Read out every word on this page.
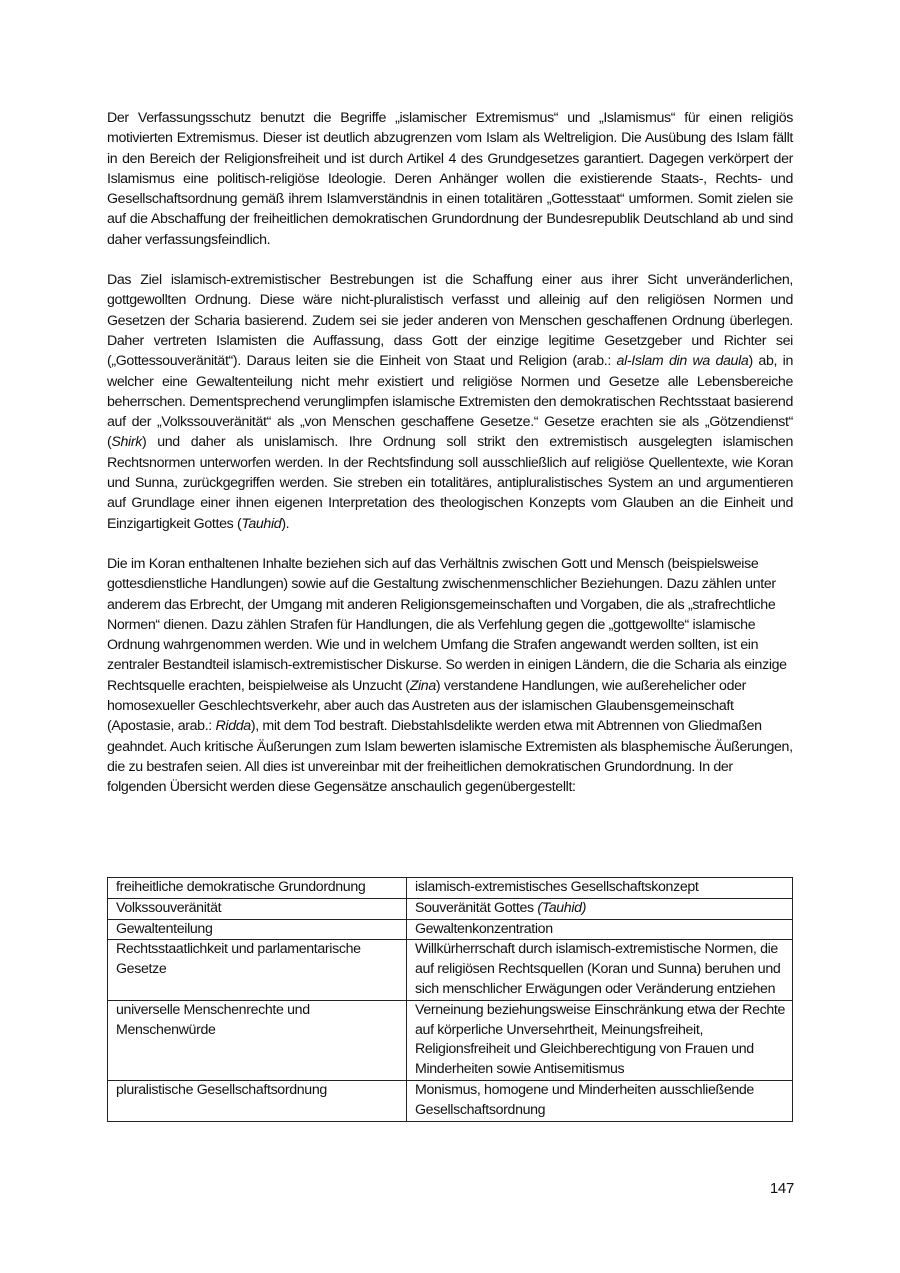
Der Verfassungsschutz benutzt die Begriffe „islamischer Extremismus“ und „Islamismus“ für einen religiös motivierten Extremismus. Dieser ist deutlich abzugrenzen vom Islam als Weltreligion. Die Ausübung des Islam fällt in den Bereich der Religionsfreiheit und ist durch Artikel 4 des Grundgesetzes garantiert. Dagegen verkörpert der Islamismus eine politisch-religiöse Ideologie. Deren Anhänger wollen die existierende Staats-, Rechts- und Gesellschaftsordnung gemäß ihrem Islamverständnis in einen totalitären „Gottesstaat“ umformen. Somit zielen sie auf die Abschaffung der freiheitlichen demokratischen Grundordnung der Bundesrepublik Deutschland ab und sind daher verfassungsfeindlich.

Das Ziel islamisch-extremistischer Bestrebungen ist die Schaffung einer aus ihrer Sicht unveränderlichen, gottgewollten Ordnung. Diese wäre nicht-pluralistisch verfasst und alleinig auf den religiösen Normen und Gesetzen der Scharia basierend. Zudem sei sie jeder anderen von Menschen geschaffenen Ordnung überlegen. Daher vertreten Islamisten die Auffassung, dass Gott der einzige legitime Gesetzgeber und Richter sei („Gottessouveränität“). Daraus leiten sie die Einheit von Staat und Religion (arab.: al-Islam din wa daula) ab, in welcher eine Gewaltenteilung nicht mehr existiert und religiöse Normen und Gesetze alle Lebensbereiche beherrschen. Dementsprechend verunglimpfen islamische Extremisten den demokratischen Rechtsstaat basierend auf der „Volkssouveränität“ als „von Menschen geschaffene Gesetze.“ Gesetze erachten sie als „Götzendienst“ (Shirk) und daher als unislamisch. Ihre Ordnung soll strikt den extremistisch ausgelegten islamischen Rechtsnormen unterworfen werden. In der Rechtsfindung soll ausschließlich auf religiöse Quellentexte, wie Koran und Sunna, zurückgegriffen werden. Sie streben ein totalitäres, antipluralistisches System an und argumentieren auf Grundlage einer ihnen eigenen Interpretation des theologischen Konzepts vom Glauben an die Einheit und Einzigartigkeit Gottes (Tauhid).

Die im Koran enthaltenen Inhalte beziehen sich auf das Verhältnis zwischen Gott und Mensch (beispielsweise gottesdienstliche Handlungen) sowie auf die Gestaltung zwischenmenschlicher Beziehungen. Dazu zählen unter anderem das Erbrecht, der Umgang mit anderen Religionsgemeinschaften und Vorgaben, die als „strafrechtliche Normen“ dienen. Dazu zählen Strafen für Handlungen, die als Verfehlung gegen die „gottgewollte“ islamische Ordnung wahrgenommen werden. Wie und in welchem Umfang die Strafen angewandt werden sollten, ist ein zentraler Bestandteil islamisch-extremistischer Diskurse. So werden in einigen Ländern, die die Scharia als einzige Rechtsquelle erachten, beispielweise als Unzucht (Zina) verstandene Handlungen, wie außerehelicher oder homosexueller Geschlechtsverkehr, aber auch das Austreten aus der islamischen Glaubensgemeinschaft (Apostasie, arab.: Ridda), mit dem Tod bestraft. Diebstahlsdelikte werden etwa mit Abtrennen von Gliedmaßen geahndet. Auch kritische Äußerungen zum Islam bewerten islamische Extremisten als blasphemische Äußerungen, die zu bestrafen seien. All dies ist unvereinbar mit der freiheitlichen demokratischen Grundordnung. In der folgenden Übersicht werden diese Gegensätze anschaulich gegenübergestellt:

freiheitliche demokratische Grundordnung	islamisch-extremistisches Gesellschaftskonzept
Volkssouveränität	Souveränität Gottes (Tauhid)
Gewaltenteilung	Gewaltenkonzentration
Rechtsstaatlichkeit und parlamentarische Gesetze	Willkürherrschaft durch islamisch-extremistische Normen, die auf religiösen Rechtsquellen (Koran und Sunna) beruhen und sich menschlicher Erwägungen oder Veränderung entziehen
universelle Menschenrechte und Menschenwürde	Verneinung beziehungsweise Einschränkung etwa der Rechte auf körperliche Unversehrtheit, Meinungsfreiheit, Religionsfreiheit und Gleichberechtigung von Frauen und Minderheiten sowie Antisemitismus
pluralistische Gesellschaftsordnung	Monismus, homogene und Minderheiten ausschließende Gesellschaftsordnung
147
